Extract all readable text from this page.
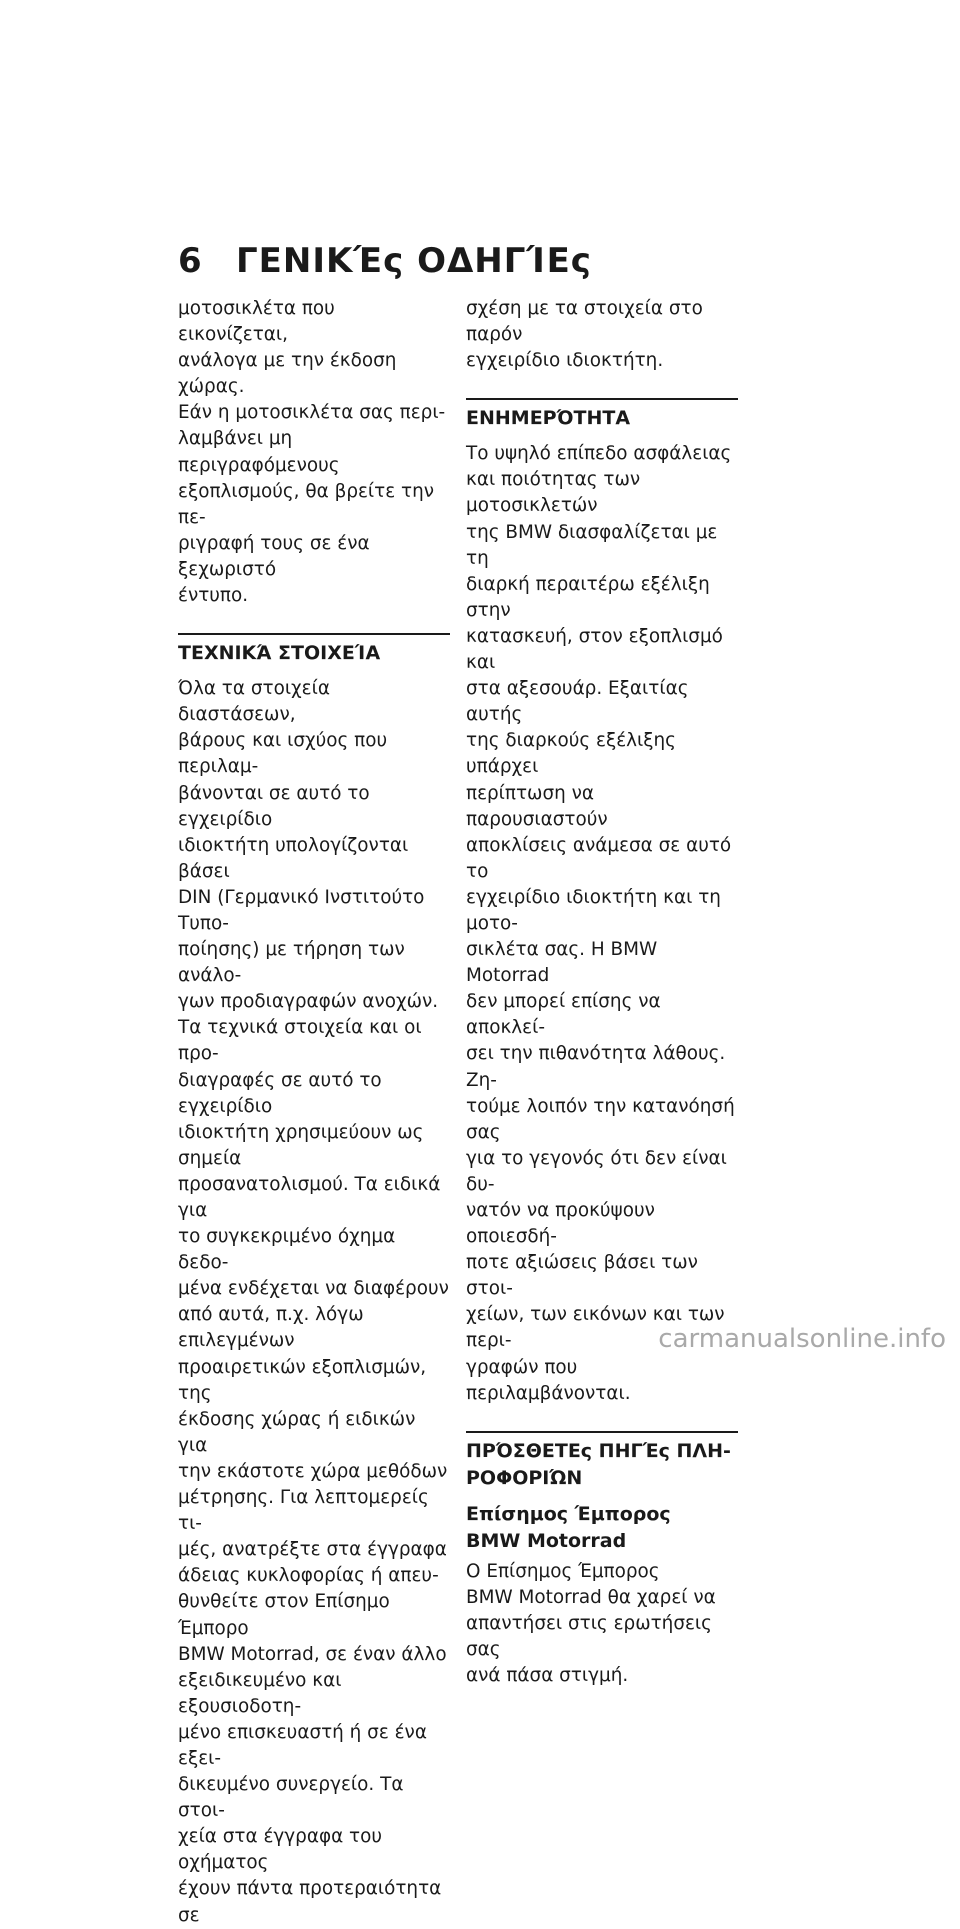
6 ΓΕΝΙΚΈς ΟΔΗΓΊΕς

μοτοσικλέτα που εικονίζεται,
ανάλογα με την έκδοση χώρας.
Εάν η μοτοσικλέτα σας περι-
λαμβάνει μη περιγραφόμενους
εξοπλισμούς, θα βρείτε την πε-
ριγραφή τους σε ένα ξεχωριστό
έντυπο.

ΤΕΧΝΙΚΆ ΣΤΟΙΧΕΊΑ

Όλα τα στοιχεία διαστάσεων,
βάρους και ισχύος που περιλαμ-
βάνονται σε αυτό το εγχειρίδιο
ιδιοκτήτη υπολογίζονται βάσει
DIN (Γερμανικό Ινστιτούτο Τυπο-
ποίησης) με τήρηση των ανάλο-
γων προδιαγραφών ανοχών.

Τα τεχνικά στοιχεία και οι προ-
διαγραφές σε αυτό το εγχειρίδιο
ιδιοκτήτη χρησιμεύουν ως σημεία
προσανατολισμού. Τα ειδικά για
το συγκεκριμένο όχημα δεδο-
μένα ενδέχεται να διαφέρουν
από αυτά, π.χ. λόγω επιλεγμένων
προαιρετικών εξοπλισμών, της
έκδοσης χώρας ή ειδικών για
την εκάστοτε χώρα μεθόδων
μέτρησης. Για λεπτομερείς τι-
μές, ανατρέξτε στα έγγραφα
άδειας κυκλοφορίας ή απευ-
θυνθείτε στον Επίσημο Έμπορο
BMW Motorrad, σε έναν άλλο
εξειδικευμένο και εξουσιοδοτη-
μένο επισκευαστή ή σε ένα εξει-
δικευμένο συνεργείο. Τα στοι-
χεία στα έγγραφα του οχήματος
έχουν πάντα προτεραιότητα σε

σχέση με τα στοιχεία στο παρόν
εγχειρίδιο ιδιοκτήτη.

ΕΝΗΜΕΡΌΤΗΤΑ

Το υψηλό επίπεδο ασφάλειας
και ποιότητας των μοτοσικλετών
της BMW διασφαλίζεται με τη
διαρκή περαιτέρω εξέλιξη στην
κατασκευή, στον εξοπλισμό και
στα αξεσουάρ. Εξαιτίας αυτής
της διαρκούς εξέλιξης υπάρχει
περίπτωση να παρουσιαστούν
αποκλίσεις ανάμεσα σε αυτό το
εγχειρίδιο ιδιοκτήτη και τη μοτο-
σικλέτα σας. Η BMW Motorrad
δεν μπορεί επίσης να αποκλεί-
σει την πιθανότητα λάθους. Ζη-
τούμε λοιπόν την κατανόησή σας
για το γεγονός ότι δεν είναι δυ-
νατόν να προκύψουν οποιεσδή-
ποτε αξιώσεις βάσει των στοι-
χείων, των εικόνων και των περι-
γραφών που περιλαμβάνονται.

ΠΡΌΣΘΕΤΕς ΠΗΓΈς ΠΛΗ-
ΡΟΦΟΡΙΏΝ
Επίσημος Έμπορος
BMW Motorrad

Ο Επίσημος Έμπορος
BMW Motorrad θα χαρεί να
απαντήσει στις ερωτήσεις σας
ανά πάσα στιγμή.

carmanualsonline.info
